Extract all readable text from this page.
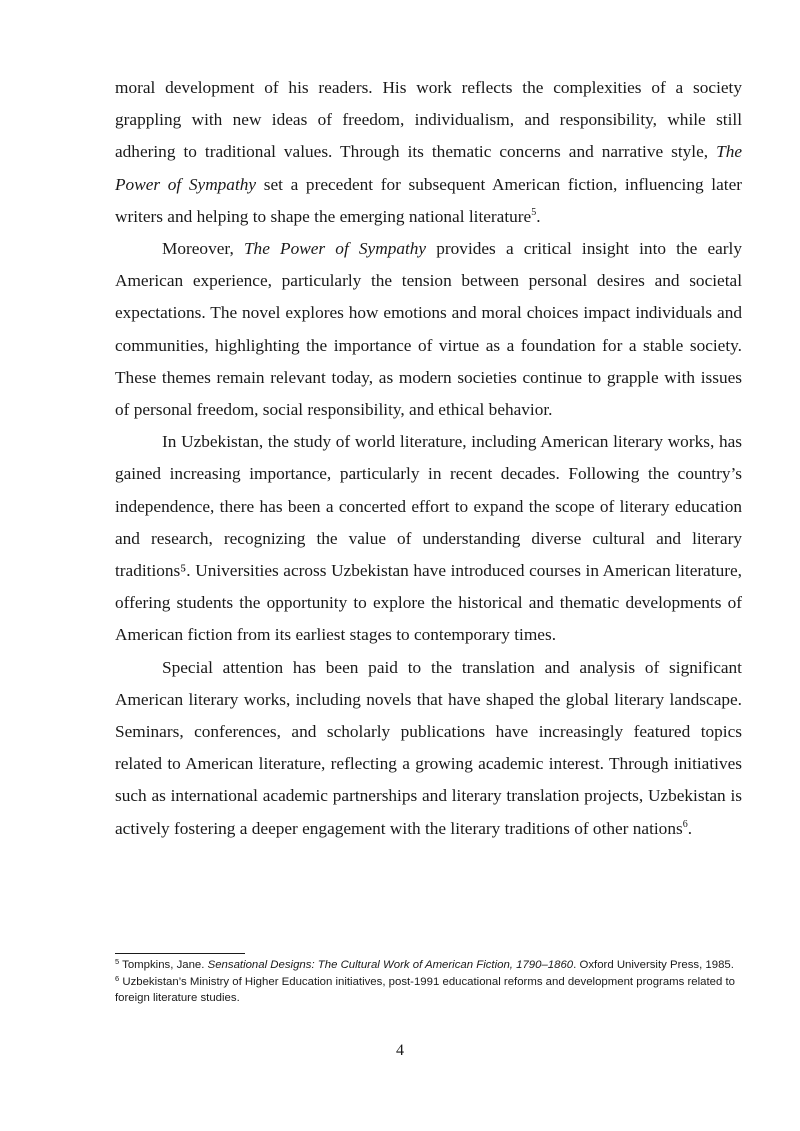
moral development of his readers. His work reflects the complexities of a society grappling with new ideas of freedom, individualism, and responsibility, while still adhering to traditional values. Through its thematic concerns and narrative style, The Power of Sympathy set a precedent for subsequent American fiction, influencing later writers and helping to shape the emerging national literature$^5$.

Moreover, The Power of Sympathy provides a critical insight into the early American experience, particularly the tension between personal desires and societal expectations. The novel explores how emotions and moral choices impact individuals and communities, highlighting the importance of virtue as a foundation for a stable society. These themes remain relevant today, as modern societies continue to grapple with issues of personal freedom, social responsibility, and ethical behavior.

In Uzbekistan, the study of world literature, including American literary works, has gained increasing importance, particularly in recent decades. Following the country’s independence, there has been a concerted effort to expand the scope of literary education and research, recognizing the value of understanding diverse cultural and literary traditions⁵. Universities across Uzbekistan have introduced courses in American literature, offering students the opportunity to explore the historical and thematic developments of American fiction from its earliest stages to contemporary times.

Special attention has been paid to the translation and analysis of significant American literary works, including novels that have shaped the global literary landscape. Seminars, conferences, and scholarly publications have increasingly featured topics related to American literature, reflecting a growing academic interest. Through initiatives such as international academic partnerships and literary translation projects, Uzbekistan is actively fostering a deeper engagement with the literary traditions of other nations$^6$.

$^5$ Tompkins, Jane. Sensational Designs: The Cultural Work of American Fiction, 1790–1860. Oxford University Press, 1985.
$^6$ Uzbekistan’s Ministry of Higher Education initiatives, post-1991 educational reforms and development programs related to foreign literature studies.
4
